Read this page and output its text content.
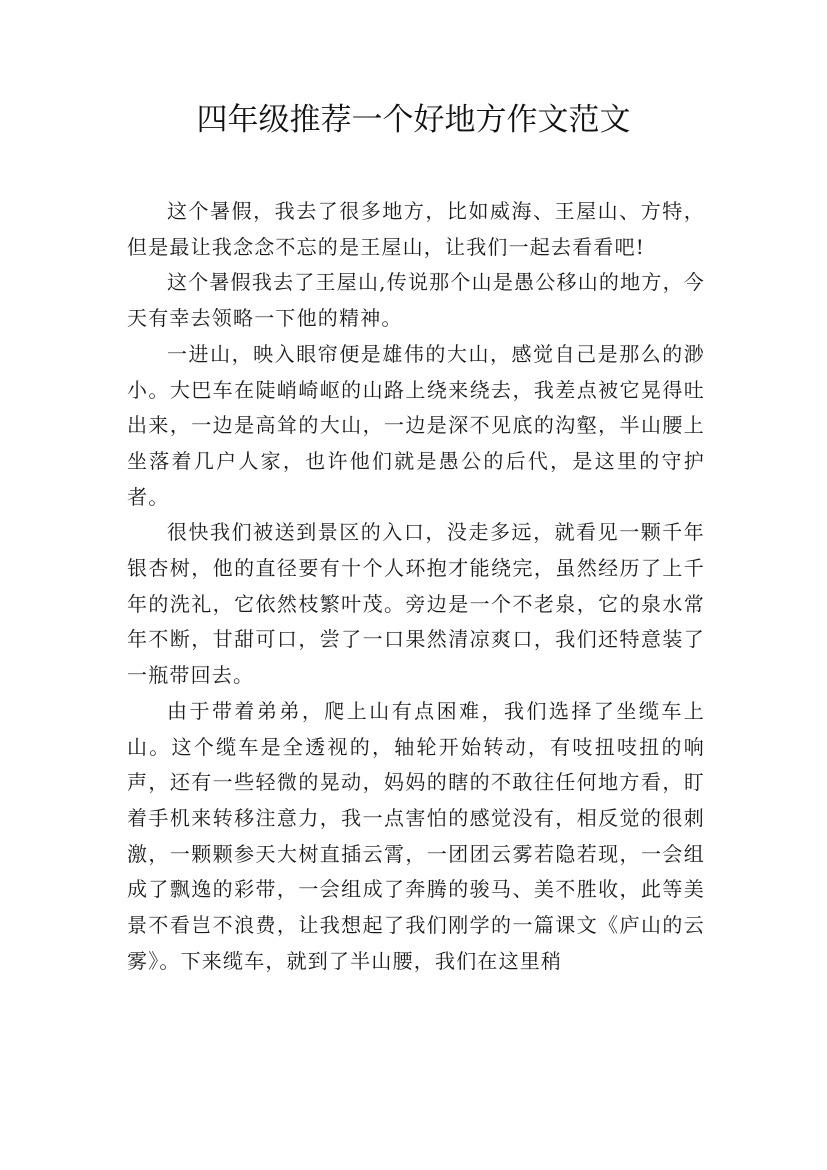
四年级推荐一个好地方作文范文

这个暑假，我去了很多地方，比如威海、王屋山、方特，但是最让我念念不忘的是王屋山，让我们一起去看看吧!

这个暑假我去了王屋山,传说那个山是愚公移山的地方，今天有幸去领略一下他的精神。

一进山，映入眼帘便是雄伟的大山，感觉自己是那么的渺小。大巴车在陡峭崎岖的山路上绕来绕去，我差点被它晃得吐出来，一边是高耸的大山，一边是深不见底的沟壑，半山腰上坐落着几户人家，也许他们就是愚公的后代，是这里的守护者。

很快我们被送到景区的入口，没走多远，就看见一颗千年银杏树，他的直径要有十个人环抱才能绕完，虽然经历了上千年的洗礼，它依然枝繁叶茂。旁边是一个不老泉，它的泉水常年不断，甘甜可口，尝了一口果然清凉爽口，我们还特意装了一瓶带回去。

由于带着弟弟，爬上山有点困难，我们选择了坐缆车上山。这个缆车是全透视的，轴轮开始转动，有吱扭吱扭的响声，还有一些轻微的晃动，妈妈的瞎的不敢往任何地方看，盯着手机来转移注意力，我一点害怕的感觉没有，相反觉的很刺激，一颗颗参天大树直插云霄，一团团云雾若隐若现，一会组成了飘逸的彩带，一会组成了奔腾的骏马、美不胜收，此等美景不看岂不浪费，让我想起了我们刚学的一篇课文《庐山的云雾》。下来缆车，就到了半山腰，我们在这里稍
